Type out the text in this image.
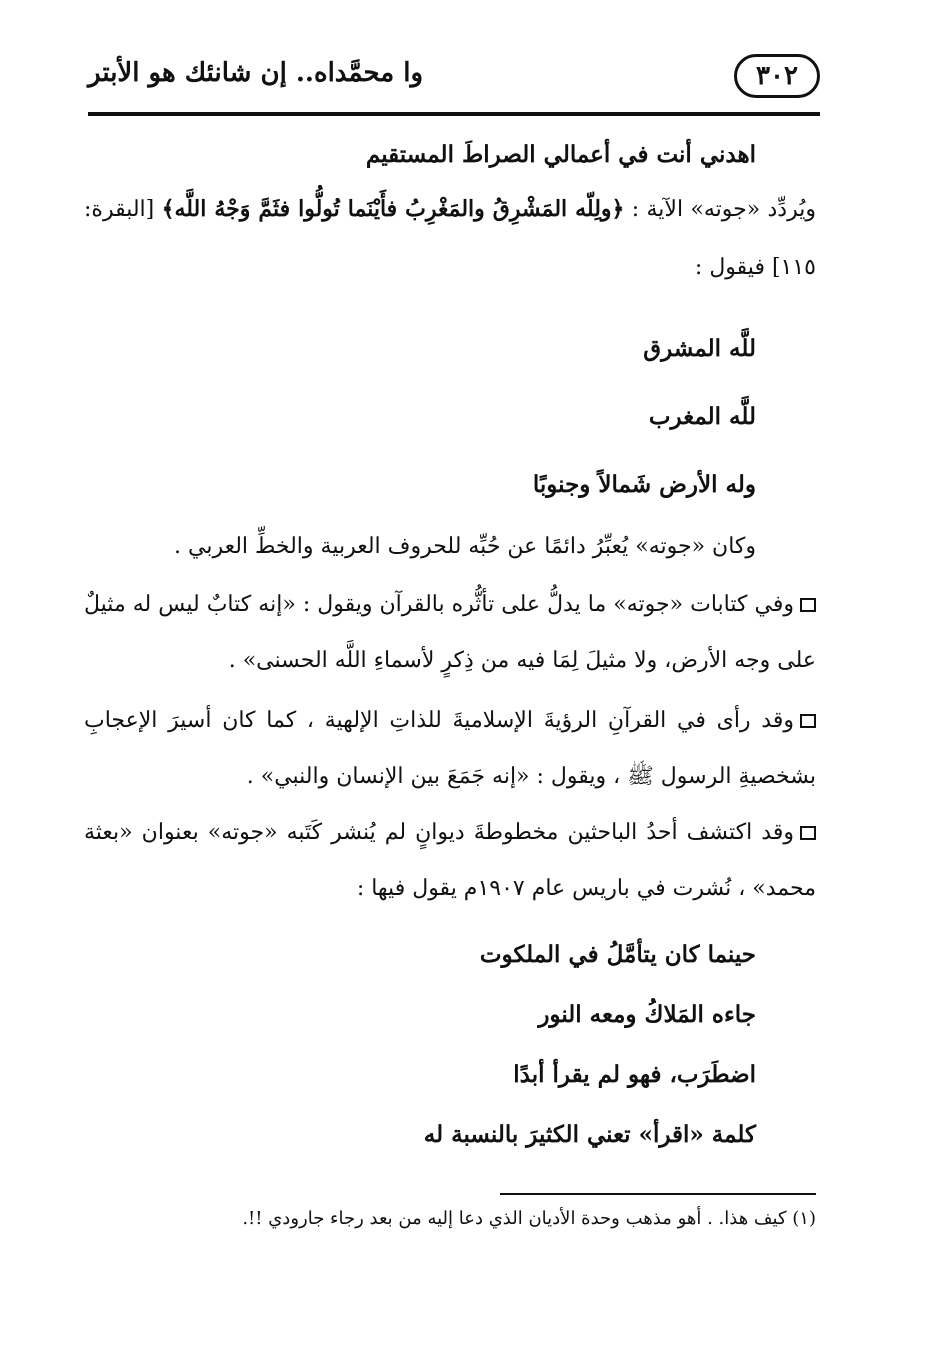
٣٠٢
وا محمَّداه.. إن شانئك هو الأبتر

اهدني أنت في أعمالي الصراطَ المستقيم

ويُردِّد «جوته» الآية : ﴿ولِلّه المَشْرِقُ والمَغْرِبُ فأَيْنَما تُولُّوا فثَمَّ وَجْهُ اللَّه﴾ [البقرة: ١١٥] فيقول :

للَّه المشرق

للَّه المغرب

وله الأرض شَمالاً وجنوبًا

وكان «جوته» يُعبِّرُ دائمًا عن حُبِّه للحروف العربية والخطِّ العربي .

وفي كتابات «جوته» ما يدلُّ على تأثُّره بالقرآن ويقول : «إنه كتابٌ ليس له مثيلٌ على وجه الأرض، ولا مثيلَ لِمَا فيه من ذِكرٍ لأسماءِ اللَّه الحسنى» .

وقد رأى في القرآنِ الرؤيةَ الإسلاميةَ للذاتِ الإلهية ، كما كان أسيرَ الإعجابِ بشخصيةِ الرسول ﷺ ، ويقول : «إنه جَمَعَ بين الإنسان والنبي» .

وقد اكتشف أحدُ الباحثين مخطوطةَ ديوانٍ لم يُنشر كَتَبه «جوته» بعنوان «بعثة محمد» ، نُشرت في باريس عام ١٩٠٧م يقول فيها :

حينما كان يتأمَّلُ في الملكوت

جاءه المَلاكُ ومعه النور

اضطَرَب، فهو لم يقرأ أبدًا

كلمة «اقرأ» تعني الكثيرَ بالنسبة له

(١) كيف هذا. . أهو مذهب وحدة الأديان الذي دعا إليه من بعد رجاء جارودي !!.
